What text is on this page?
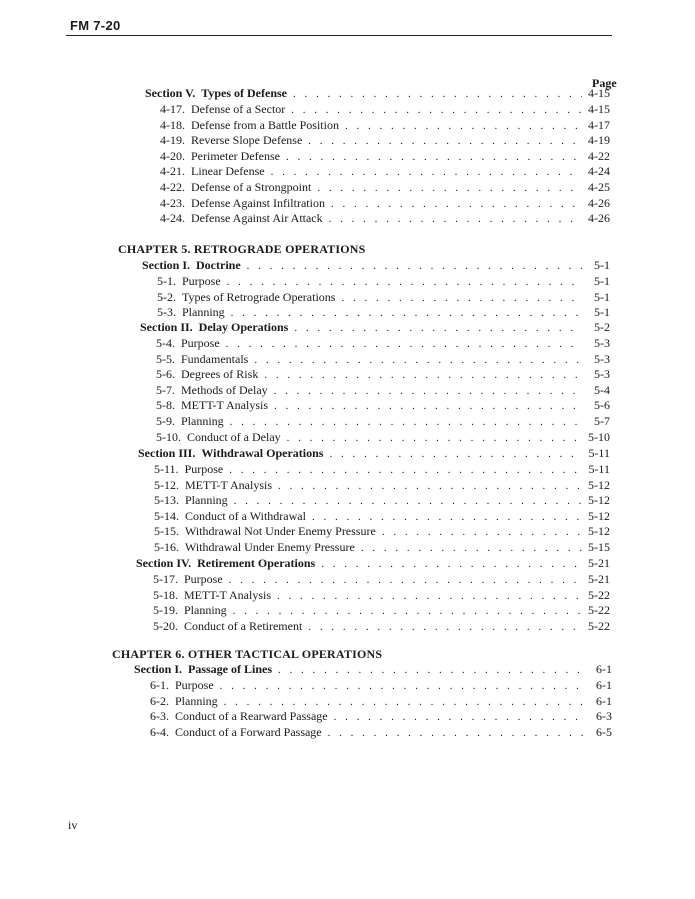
FM 7-20
Page
Section V. Types of Defense . . .	4-15
4-17. Defense of a Sector . . .	4-15
4-18. Defense from a Battle Position . . .	4-17
4-19. Reverse Slope Defense . . .	4-19
4-20. Perimeter Defense . . .	4-22
4-21. Linear Defense . . .	4-24
4-22. Defense of a Strongpoint . . .	4-25
4-23. Defense Against Infiltration . . .	4-26
4-24. Defense Against Air Attack . . .	4-26
CHAPTER 5. RETROGRADE OPERATIONS
Section I. Doctrine . . .	5-1
5-1. Purpose . . .	5-1
5-2. Types of Retrograde Operations . . .	5-1
5-3. Planning . . .	5-1
Section II. Delay Operations . . .	5-2
5-4. Purpose . . .	5-3
5-5. Fundamentals . . .	5-3
5-6. Degrees of Risk . . .	5-3
5-7. Methods of Delay . . .	5-4
5-8. METT-T Analysis . . .	5-6
5-9. Planning . . .	5-7
5-10. Conduct of a Delay . . .	5-10
Section III. Withdrawal Operations . . .	5-11
5-11. Purpose . . .	5-11
5-12. METT-T Analysis . . .	5-12
5-13. Planning . . .	5-12
5-14. Conduct of a Withdrawal . . .	5-12
5-15. Withdrawal Not Under Enemy Pressure . . .	5-12
5-16. Withdrawal Under Enemy Pressure . . .	5-15
Section IV. Retirement Operations . . .	5-21
5-17. Purpose . . .	5-21
5-18. METT-T Analysis . . .	5-22
5-19. Planning . . .	5-22
5-20. Conduct of a Retirement . . .	5-22
CHAPTER 6. OTHER TACTICAL OPERATIONS
Section I. Passage of Lines . . .	6-1
6-1. Purpose . . .	6-1
6-2. Planning . . .	6-1
6-3. Conduct of a Rearward Passage . . .	6-3
6-4. Conduct of a Forward Passage . . .	6-5
iv
